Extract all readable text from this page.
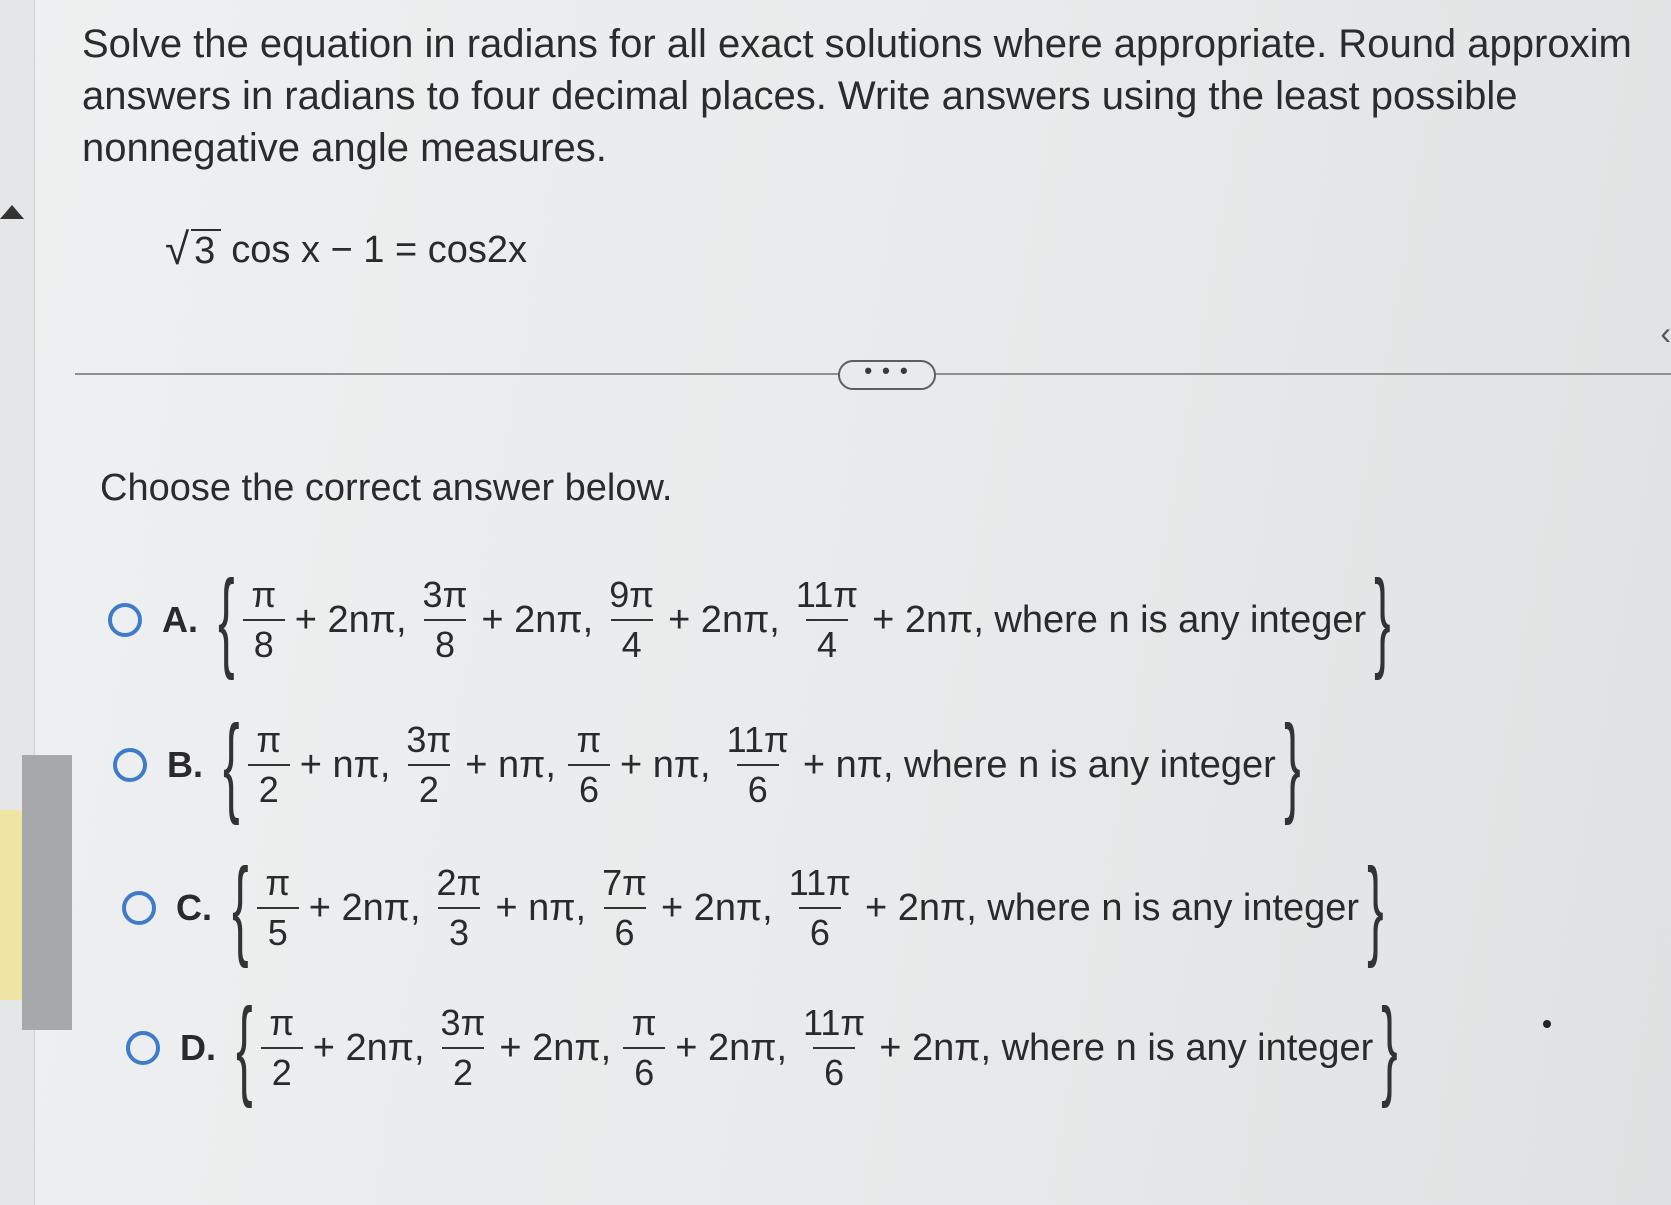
Solve the equation in radians for all exact solutions where appropriate. Round approxim
answers in radians to four decimal places. Write answers using the least possible
nonnegative angle measures.
√ 3 cos x − 1 = cos2x
• • •
‹
Choose the correct answer below.
A. { $\frac{\pi}{8} + 2n\pi$, $\frac{3\pi}{8} + 2n\pi$, $\frac{9\pi}{4} + 2n\pi$, $\frac{11\pi}{4} + 2n\pi$, where n is any integer }
B. { $\frac{\pi}{2} + n\pi$, $\frac{3\pi}{2} + n\pi$, $\frac{\pi}{6} + n\pi$, $\frac{11\pi}{6} + n\pi$, where n is any integer }
C. { $\frac{\pi}{5} + 2n\pi$, $\frac{2\pi}{3} + n\pi$, $\frac{7\pi}{6} + 2n\pi$, $\frac{11\pi}{6} + 2n\pi$, where n is any integer }
D. { $\frac{\pi}{2} + 2n\pi$, $\frac{3\pi}{2} + 2n\pi$, $\frac{\pi}{6} + 2n\pi$, $\frac{11\pi}{6} + 2n\pi$, where n is any integer }
